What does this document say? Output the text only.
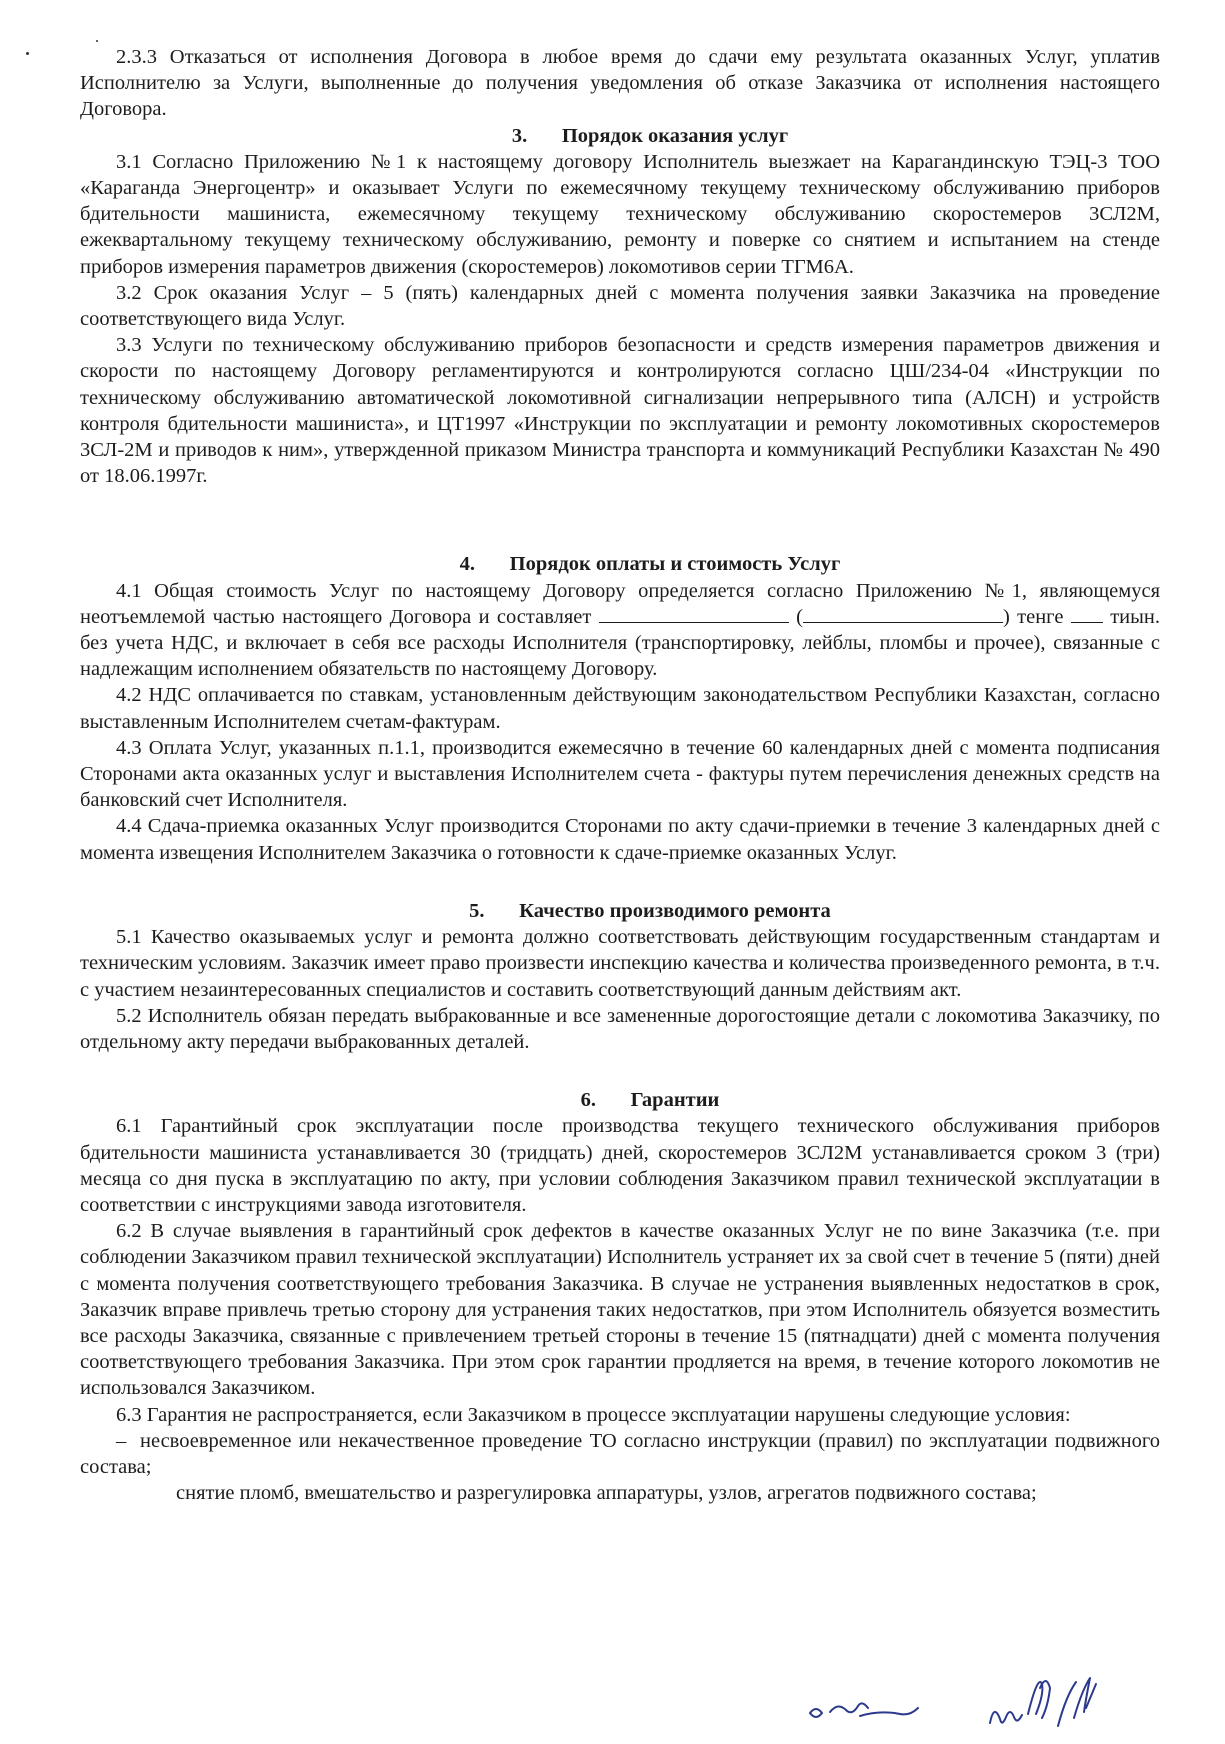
2.3.3 Отказаться от исполнения Договора в любое время до сдачи ему результата оказанных Услуг, уплатив Исполнителю за Услуги, выполненные до получения уведомления об отказе Заказчика от исполнения настоящего Договора.

3. Порядок оказания услуг

3.1 Согласно Приложению №1 к настоящему договору Исполнитель выезжает на Карагандинскую ТЭЦ-3 ТОО «Караганда Энергоцентр» и оказывает Услуги по ежемесячному текущему техническому обслуживанию приборов бдительности машиниста, ежемесячному текущему техническому обслуживанию скоростемеров 3СЛ2М, ежеквартальному текущему техническому обслуживанию, ремонту и поверке со снятием и испытанием на стенде приборов измерения параметров движения (скоростемеров) локомотивов серии ТГМ6А.

3.2 Срок оказания Услуг – 5 (пять) календарных дней с момента получения заявки Заказчика на проведение соответствующего вида Услуг.

3.3 Услуги по техническому обслуживанию приборов безопасности и средств измерения параметров движения и скорости по настоящему Договору регламентируются и контролируются согласно ЦШ/234-04 «Инструкции по техническому обслуживанию автоматической локомотивной сигнализации непрерывного типа (АЛСН) и устройств контроля бдительности машиниста», и ЦТ1997 «Инструкции по эксплуатации и ремонту локомотивных скоростемеров 3СЛ-2М и приводов к ним», утвержденной приказом Министра транспорта и коммуникаций Республики Казахстан № 490 от 18.06.1997г.

4. Порядок оплаты и стоимость Услуг

4.1 Общая стоимость Услуг по настоящему Договору определяется согласно Приложению №1, являющемуся неотъемлемой частью настоящего Договора и составляет	(	) тенге тиын. без учета НДС, и включает в себя все расходы Исполнителя (транспортировку, лейблы, пломбы и прочее), связанные с надлежащим исполнением обязательств по настоящему Договору.

4.2 НДС оплачивается по ставкам, установленным действующим законодательством Республики Казахстан, согласно выставленным Исполнителем счетам-фактурам.

4.3 Оплата Услуг, указанных п.1.1, производится ежемесячно в течение 60 календарных дней с момента подписания Сторонами акта оказанных услуг и выставления Исполнителем счета - фактуры путем перечисления денежных средств на банковский счет Исполнителя.

4.4 Сдача-приемка оказанных Услуг производится Сторонами по акту сдачи-приемки в течение 3 календарных дней с момента извещения Исполнителем Заказчика о готовности к сдаче-приемке оказанных Услуг.

5. Качество производимого ремонта

5.1 Качество оказываемых услуг и ремонта должно соответствовать действующим государственным стандартам и техническим условиям. Заказчик имеет право произвести инспекцию качества и количества произведенного ремонта, в т.ч. с участием незаинтересованных специалистов и составить соответствующий данным действиям акт.

5.2 Исполнитель обязан передать выбракованные и все замененные дорогостоящие детали с локомотива Заказчику, по отдельному акту передачи выбракованных деталей.

6. Гарантии

6.1 Гарантийный срок эксплуатации после производства текущего технического обслуживания приборов бдительности машиниста устанавливается 30 (тридцать) дней, скоростемеров 3СЛ2М устанавливается сроком 3 (три) месяца со дня пуска в эксплуатацию по акту, при условии соблюдения Заказчиком правил технической эксплуатации в соответствии с инструкциями завода изготовителя.

6.2 В случае выявления в гарантийный срок дефектов в качестве оказанных Услуг не по вине Заказчика (т.е. при соблюдении Заказчиком правил технической эксплуатации) Исполнитель устраняет их за свой счет в течение 5 (пяти) дней с момента получения соответствующего требования Заказчика. В случае не устранения выявленных недостатков в срок, Заказчик вправе привлечь третью сторону для устранения таких недостатков, при этом Исполнитель обязуется возместить все расходы Заказчика, связанные с привлечением третьей стороны в течение 15 (пятнадцати) дней с момента получения соответствующего требования Заказчика. При этом срок гарантии продляется на время, в течение которого локомотив не использовался Заказчиком.

6.3 Гарантия не распространяется, если Заказчиком в процессе эксплуатации нарушены следующие условия:

– несвоевременное или некачественное проведение ТО согласно инструкции (правил) по эксплуатации подвижного состава;

снятие пломб, вмешательство и разрегулировка аппаратуры, узлов, агрегатов подвижного состава;
